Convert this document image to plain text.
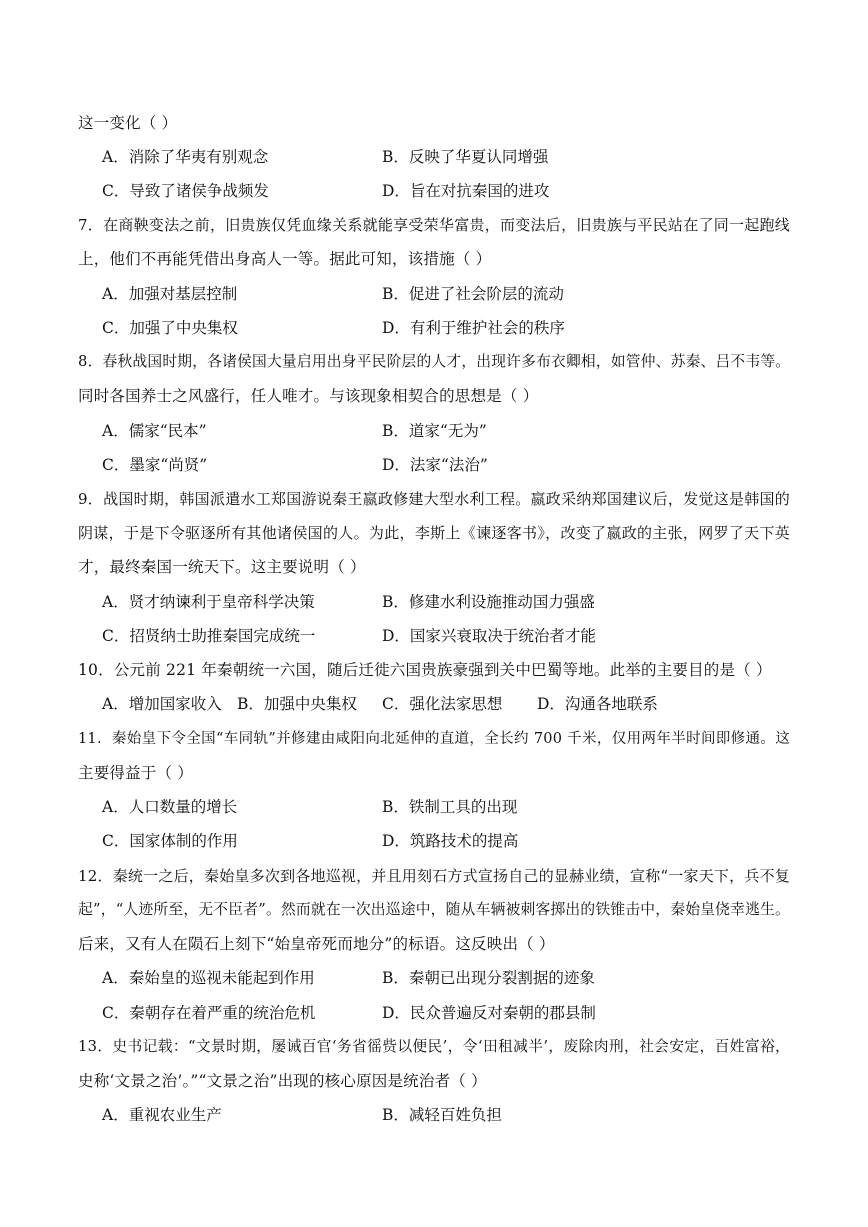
这一变化（ ）
A．消除了华夷有别观念	B．反映了华夏认同增强
C．导致了诸侯争战频发	D．旨在对抗秦国的进攻
7．在商鞅变法之前，旧贵族仅凭血缘关系就能享受荣华富贵，而变法后，旧贵族与平民站在了同一起跑线
上，他们不再能凭借出身高人一等。据此可知，该措施（ ）
A．加强对基层控制	B．促进了社会阶层的流动
C．加强了中央集权	D．有利于维护社会的秩序
8．春秋战国时期，各诸侯国大量启用出身平民阶层的人才，出现许多布衣卿相，如管仲、苏秦、吕不韦等。
同时各国养士之风盛行，任人唯才。与该现象相契合的思想是（ ）
A．儒家“民本”	B．道家“无为”
C．墨家“尚贤”	D．法家“法治”
9．战国时期，韩国派遣水工郑国游说秦王嬴政修建大型水利工程。嬴政采纳郑国建议后，发觉这是韩国的
阴谋，于是下令驱逐所有其他诸侯国的人。为此，李斯上《谏逐客书》，改变了嬴政的主张，网罗了天下英
才，最终秦国一统天下。这主要说明（ ）
A．贤才纳谏利于皇帝科学决策	B．修建水利设施推动国力强盛
C．招贤纳士助推秦国完成统一	D．国家兴衰取决于统治者才能
10．公元前 221 年秦朝统一六国，随后迁徙六国贵族豪强到关中巴蜀等地。此举的主要目的是（ ）
A．增加国家收入 B．加强中央集权 C．强化法家思想 D．沟通各地联系
11．秦始皇下令全国“车同轨”并修建由咸阳向北延伸的直道，全长约 700 千米，仅用两年半时间即修通。这
主要得益于（ ）
A．人口数量的增长	B．铁制工具的出现
C．国家体制的作用	D．筑路技术的提高
12．秦统一之后，秦始皇多次到各地巡视，并且用刻石方式宣扬自己的显赫业绩，宣称“一家天下，兵不复
起”，“人迹所至，无不臣者”。然而就在一次出巡途中，随从车辆被刺客掷出的铁锥击中，秦始皇侥幸逃生。
后来，又有人在陨石上刻下“始皇帝死而地分”的标语。这反映出（ ）
A．秦始皇的巡视未能起到作用	B．秦朝已出现分裂割据的迹象
C．秦朝存在着严重的统治危机	D．民众普遍反对秦朝的郡县制
13．史书记载：“文景时期，屡诫百官‘务省徭赀以便民’，令‘田租减半’，废除肉刑，社会安定，百姓富裕，
史称‘文景之治’。”“文景之治”出现的核心原因是统治者（ ）
A．重视农业生产	B．减轻百姓负担
